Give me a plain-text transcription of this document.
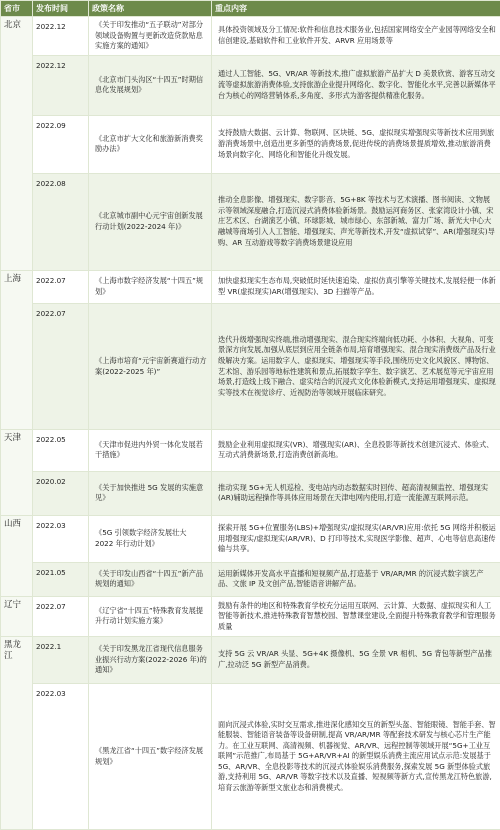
省市	发布时间	政策名称	重点内容
北京	2022.12	《关于印发推动“五子联动”对部分领域设备购置与更新改造贷款贴息实施方案的通知》	具体投资领域及分工情况:软件和信息技术服务业,包括国家网络安全产业园等网络安全和信创建设,基础软件和工业软件开发、ARVR 应用场景等
	2022.12	《北京市门头沟区“十四五”时期信息化发展规划》	通过人工智能、5G、VR/AR 等新技术,推广虚拟旅游产品扩大 D 美景欣赏、游客互动交流等虚拟旅游消费体验,支持旅游企业提升网络化、数字化、智能化水平,完善以新媒体平台为核心的网络营销体系,多角度、多形式为游客提供精准化服务。
	2022.09	《北京市扩大文化和旅游新消费奖励办法》	支持鼓励大数据、云计算、物联网、区块链、5G、虚拟现实增强现实等新技术应用到旅游消费场景中,创造出更多新型的消费场景,促进传统的消费场景提质增效,推动旅游消费场景向数字化、网络化和智能化升级发展。
	2022.08	《北京城市副中心元宇宙创新发展行动计划(2022-2024 年)》	推动全息影像、增强现实、数字影音、5G+8K 等技术与艺术演播、图书阅读、文物展示等领域深度融合,打造沉浸式消费体验新场景。鼓励运河商务区、张家湾设计小镇、宋庄艺术区、台湖演艺小镇、环球影城、城市绿心、东部新城、富力广场、新光大中心大融城等商场引入人工智能、增强现实、声光等新技术,开发“虚拟试穿”、AR(增强现实)导购、AR 互动游戏等数字消费场景建设应用
上海	2022.07	《上海市数字经济发展“十四五”规划》	加快虚拟现实生态布局,突破低时延快速追染、虚拟仿真引擎等关键技术,发展轻便一体新型 VR(虚拟现实)AR(增强现实)、3D 扫描等产品。
	2022.07	《上海市培育“元宇宙新赛道行动方案(2022-2025 年)”	迭代升级增强现实终端,推动增强现实、混合现实终端向低功耗、小体积、大视角、可变景深方向发展,加强从底层到应用全链条布局,培育增强现实、混合现实消费级产品及行业级解决方案。运用数字人、虚拟现实、增强现实等手段,围绕历史文化风貌区、博物馆、艺术馆、游乐园等地标性建筑和景点,拓展数字孪生、数字演艺、艺术展览等元宇宙应用场景,打造线上线下融合、虚实结合的沉浸式文化体验新模式,支持运用增强现实、虚拟现实等技术在视觉诊疗、近视防治等领域开展临床研究。
天津	2022.05	《天津市促进内外贸一体化发展若干措施》	鼓励企业利用虚拟现实(VR)、增强现实(AR)、全息投影等新技术创建沉浸式、体验式、互动式消费新场景,打造消费创新高地。
	2020.02	《关于加快推进 5G 发展的实施意见》	推动实现 5G+无人机巡检、变电站内动态数据实时回传、超高清视频监控、增强现实(AR)辅助远程操作等具体应用场景在天津电网内使用,打造一流能源互联网示范。
山西	2022.03	《5G 引领数字经济发展壮大 2022 年行动计划》	探索开展 5G+位置服务(LBS)+增强现实/虚拟现实(AR/VR)应用:依托 5G 网络并积极运用增强现实/虚拟现实(AR/VR)、D 打印等技术,实现医学影像、超声、心电等信息高速传输与共享。
	2021.05	《关于印发山西省“十四五”新产品规划的通知》	运用新媒体开发高水平直播和短视频产品,打造基于 VR/AR/MR 的沉浸式数字演艺产品、文旅 IP 及文创产品,智能语音讲解产品。
辽宁	2022.07	《辽宁省“十四五”特殊教育发展提升行动计划实施方案》	鼓励有条件的地区和特殊教育学校充分运用互联网、云计算、大数据、虚拟现实和人工智能等新技术,推进特殊教育智慧校园、智慧课堂建设,全面提升特殊教育教学和管理服务质量
黑龙江	2022.1	《关于印发黑龙江省现代信息服务业振兴行动方案(2022-2026 年)的通知》	支持 5G 云 VR/AR 头显、5G+4K 摄像机、5G 全景 VR 相机、5G 背包等新型产品推广,拉动泛 5G 新型产品消费。
	2022.03	《黑龙江省“十四五”数字经济发展规划》	面向沉浸式体验,实时交互需求,推进深化感知交互的新型头盔、智能眼镜、智能手套、智能服装、智能语音装备等设备研制,提高 VR/AR/MR 等配套技术研发与核心芯片生产能力。在工业互联网、高清视频、机器视觉、AR/VR、远程控制等领域开展“5G+工业互联网”示范推广,布局基于 5G+AR/VR+AI 的新型娱乐消费主流应用试点示范:发展基于 5G、AR/VR、全息投影等技术的沉浸式体验娱乐消费服务,探索发展 5G 新型体验式旅游,支持利用 5G、AR/VR 等数字技术以及直播、短视频等新方式,宣传黑龙江特色旅游,培育云旅游等新型文旅业态和消费模式。
